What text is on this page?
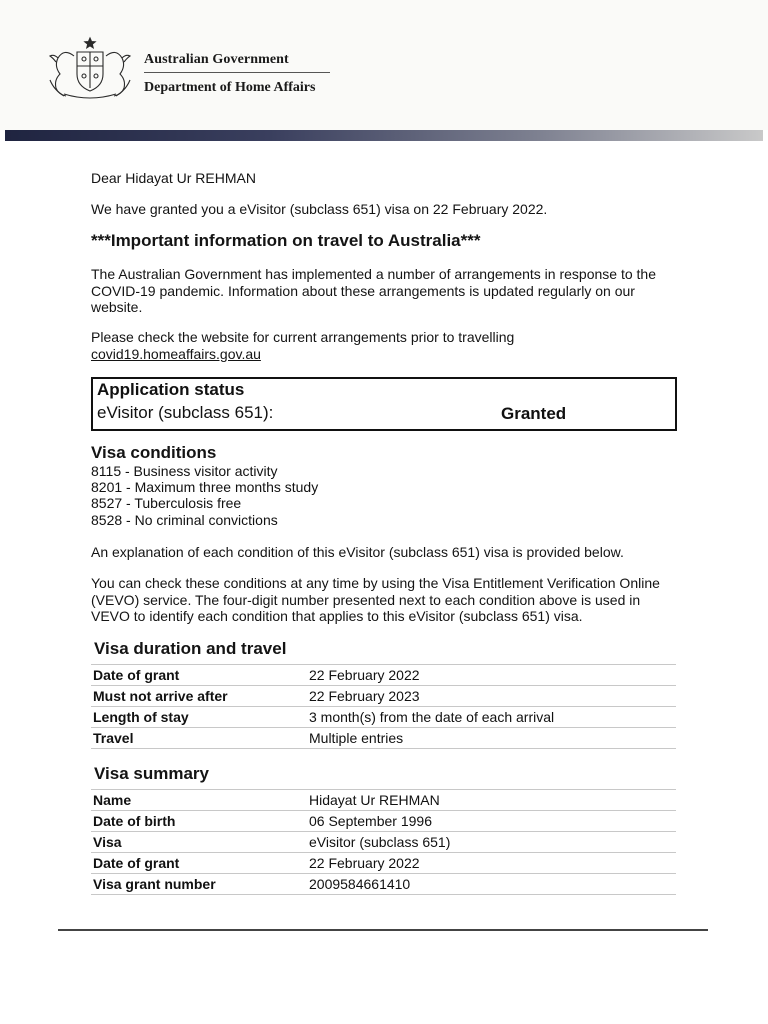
Australian Government
Department of Home Affairs
Dear Hidayat Ur REHMAN
We have granted you a eVisitor (subclass 651) visa on 22 February 2022.
***Important information on travel to Australia***
The Australian Government has implemented a number of arrangements in response to the COVID-19 pandemic. Information about these arrangements is updated regularly on our website.

Please check the website for current arrangements prior to travelling

covid19.homeaffairs.gov.au

Application status
eVisitor (subclass 651):	Granted
Visa conditions
8115 - Business visitor activity
8201 - Maximum three months study
8527 - Tuberculosis free
8528 - No criminal convictions
An explanation of each condition of this eVisitor (subclass 651) visa is provided below.
You can check these conditions at any time by using the Visa Entitlement Verification Online (VEVO) service. The four-digit number presented next to each condition above is used in VEVO to identify each condition that applies to this eVisitor (subclass 651) visa.
Visa duration and travel
Date of grant	22 February 2022
Must not arrive after	22 February 2023
Length of stay	3 month(s) from the date of each arrival
Travel	Multiple entries
Visa summary
Name	Hidayat Ur REHMAN
Date of birth	06 September 1996
Visa	eVisitor (subclass 651)
Date of grant	22 February 2022
Visa grant number	2009584661410
